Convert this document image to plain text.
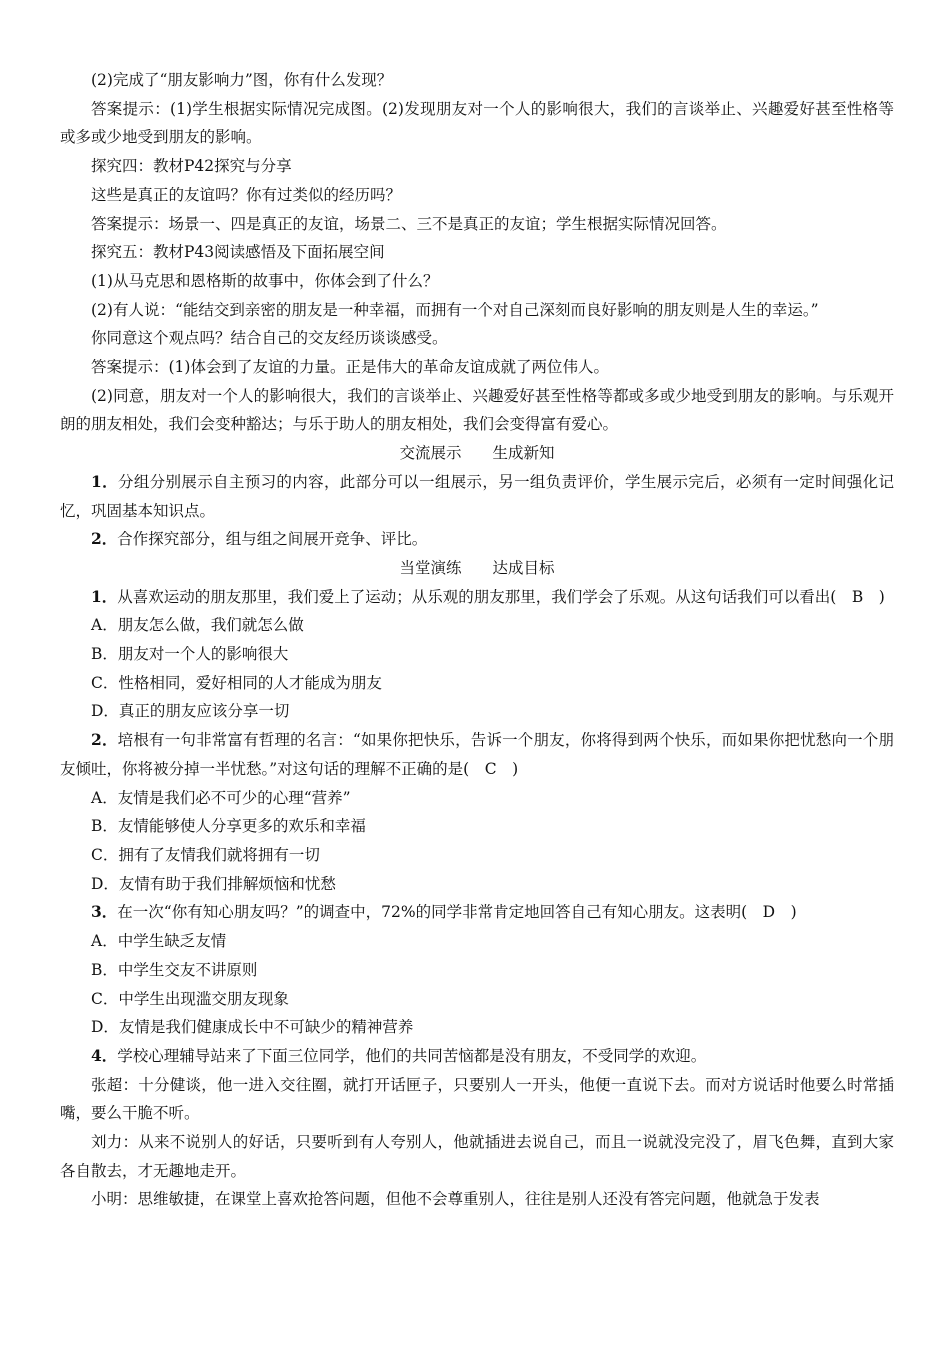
(2)完成了“朋友影响力”图，你有什么发现？

答案提示：(1)学生根据实际情况完成图。(2)发现朋友对一个人的影响很大，我们的言谈举止、兴趣爱好甚至性格等或多或少地受到朋友的影响。

探究四：教材P42探究与分享

这些是真正的友谊吗？你有过类似的经历吗？

答案提示：场景一、四是真正的友谊，场景二、三不是真正的友谊；学生根据实际情况回答。

探究五：教材P43阅读感悟及下面拓展空间

(1)从马克思和恩格斯的故事中，你体会到了什么？

(2)有人说：“能结交到亲密的朋友是一种幸福，而拥有一个对自己深刻而良好影响的朋友则是人生的幸运。”

你同意这个观点吗？结合自己的交友经历谈谈感受。

答案提示：(1)体会到了友谊的力量。正是伟大的革命友谊成就了两位伟人。

(2)同意，朋友对一个人的影响很大，我们的言谈举止、兴趣爱好甚至性格等都或多或少地受到朋友的影响。与乐观开朗的朋友相处，我们会变种豁达；与乐于助人的朋友相处，我们会变得富有爱心。

交流展示 生成新知

1．分组分别展示自主预习的内容，此部分可以一组展示，另一组负责评价，学生展示完后，必须有一定时间强化记忆，巩固基本知识点。

2．合作探究部分，组与组之间展开竞争、评比。

当堂演练 达成目标

1．从喜欢运动的朋友那里，我们爱上了运动；从乐观的朋友那里，我们学会了乐观。从这句话我们可以看出(　B　)

A．朋友怎么做，我们就怎么做

B．朋友对一个人的影响很大

C．性格相同，爱好相同的人才能成为朋友

D．真正的朋友应该分享一切

2．培根有一句非常富有哲理的名言：“如果你把快乐，告诉一个朋友，你将得到两个快乐，而如果你把忧愁向一个朋友倾吐，你将被分掉一半忧愁。”对这句话的理解不正确的是(　C　)

A．友情是我们必不可少的心理“营养”

B．友情能够使人分享更多的欢乐和幸福

C．拥有了友情我们就将拥有一切

D．友情有助于我们排解烦恼和忧愁

3．在一次“你有知心朋友吗？”的调查中，72%的同学非常肯定地回答自己有知心朋友。这表明(　D　)

A．中学生缺乏友情

B．中学生交友不讲原则

C．中学生出现滥交朋友现象

D．友情是我们健康成长中不可缺少的精神营养

4．学校心理辅导站来了下面三位同学，他们的共同苦恼都是没有朋友，不受同学的欢迎。

张超：十分健谈，他一进入交往圈，就打开话匣子，只要别人一开头，他便一直说下去。而对方说话时他要么时常插嘴，要么干脆不听。

刘力：从来不说别人的好话，只要听到有人夸别人，他就插进去说自己，而且一说就没完没了，眉飞色舞，直到大家各自散去，才无趣地走开。

小明：思维敏捷，在课堂上喜欢抢答问题，但他不会尊重别人，往往是别人还没有答完问题，他就急于发表
